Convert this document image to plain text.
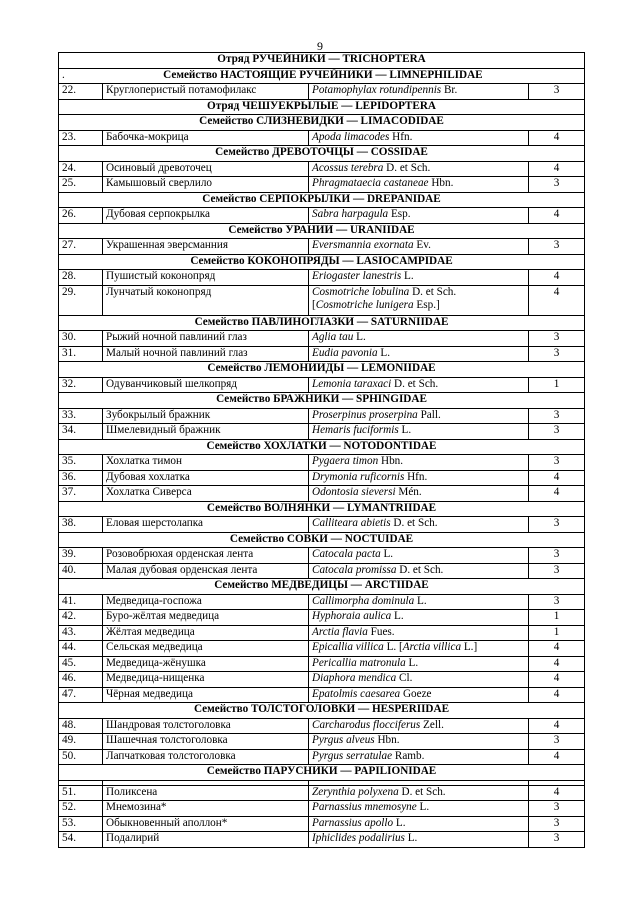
9
Отряд РУЧЕЙНИКИ — TRICHOPTERA			

. Семейство НАСТОЯЩИЕ РУЧЕЙНИКИ — LIMNEPHILIDAE			
22.	Круглоперистый потамофилакс	Potamophylax rotundipennis Br.	3
Отряд ЧЕШУЕКРЫЛЫЕ — LEPIDOPTERA			
Семейство СЛИЗНЕВИДКИ — LIMACODIDAE			
23.	Бабочка-мокрица	Apoda limacodes Hfn.	4
Семейство ДРЕВОТОЧЦЫ — COSSIDAE			
24.	Осиновый древоточец	Acossus terebra D. et Sch.	4
25.	Камышовый сверлило	Phragmataecia castaneae Hbn.	3
Семейство СЕРПОКРЫЛКИ — DREPANIDAE			
26.	Дубовая серпокрылка	Sabra harpagula Esp.	4
Семейство УРАНИИ — URANIIDAE			
27.	Украшенная эверсманния	Eversmannia exornata Ev.	3
Семейство КОКОНОПРЯДЫ — LASIOCAMPIDAE			
28.	Пушистый коконопряд	Eriogaster lanestris L.	4
29.	Лунчатый коконопряд	Cosmotriche lobulina D. et Sch.
[Cosmotriche lunigera Esp.]	4
Семейство ПАВЛИНОГЛАЗКИ — SATURNIIDAE			
30.	Рыжий ночной павлиний глаз	Aglia tau L.	3
31.	Малый ночной павлиний глаз	Eudia pavonia L.	3
Семейство ЛЕМОНИИДЫ — LEMONIIDAE			
32.	Одуванчиковый шелкопряд	Lemonia taraxaci D. et Sch.	1
Семейство БРАЖНИКИ — SPHINGIDAE			
33.	Зубокрылый бражник	Proserpinus proserpina Pall.	3
34.	Шмелевидный бражник	Hemaris fuciformis L.	3
Семейство ХОХЛАТКИ — NOTODONTIDAE			
35.	Хохлатка тимон	Pygaera timon Hbn.	3
36.	Дубовая хохлатка	Drymonia ruficornis Hfn.	4
37.	Хохлатка Сиверса	Odontosia sieversi Mén.	4
Семейство ВОЛНЯНКИ — LYMANTRIIDAE			
38.	Еловая шерстолапка	Calliteara abietis D. et Sch.	3
Семейство СОВКИ — NOCTUIDAE			
39.	Розовобрюхая орденская лента	Catocala pacta L.	3
40.	Малая дубовая орденская лента	Catocala promissa D. et Sch.	3
Семейство МЕДВЕДИЦЫ — ARCTIIDAE			
41.	Медведица-госпожа	Callimorpha dominula L.	3
42.	Буро-жёлтая медведица	Hyphoraia aulica L.	1
43.	Жёлтая медведица	Arctia flavia Fues.	1
44.	Сельская медведица	Epicallia villica L. [Arctia villica L.]	4
45.	Медведица-жёнушка	Pericallia matronula L.	4
46.	Медведица-нищенка	Diaphora mendica Cl.	4
47.	Чёрная медведица	Epatolmis caesarea Goeze	4
Семейство ТОЛСТОГОЛОВКИ — HESPERIIDAE			
48.	Шандровая толстоголовка	Carcharodus flocciferus Zell.	4
49.	Шашечная толстоголовка	Pyrgus alveus Hbn.	3
50.	Лапчатковая толстоголовка	Pyrgus serratulae Ramb.	4
Семейство ПАРУСНИКИ — PAPILIONIDAE			

51.	Поликсена	Zerynthia polyxena D. et Sch.	4
52.	Мнемозина*	Parnassius mnemosyne L.	3
53.	Обыкновенный аполлон*	Parnassius apollo L.	3
54.	Подалирий	Iphiclides podalirius L.	3
